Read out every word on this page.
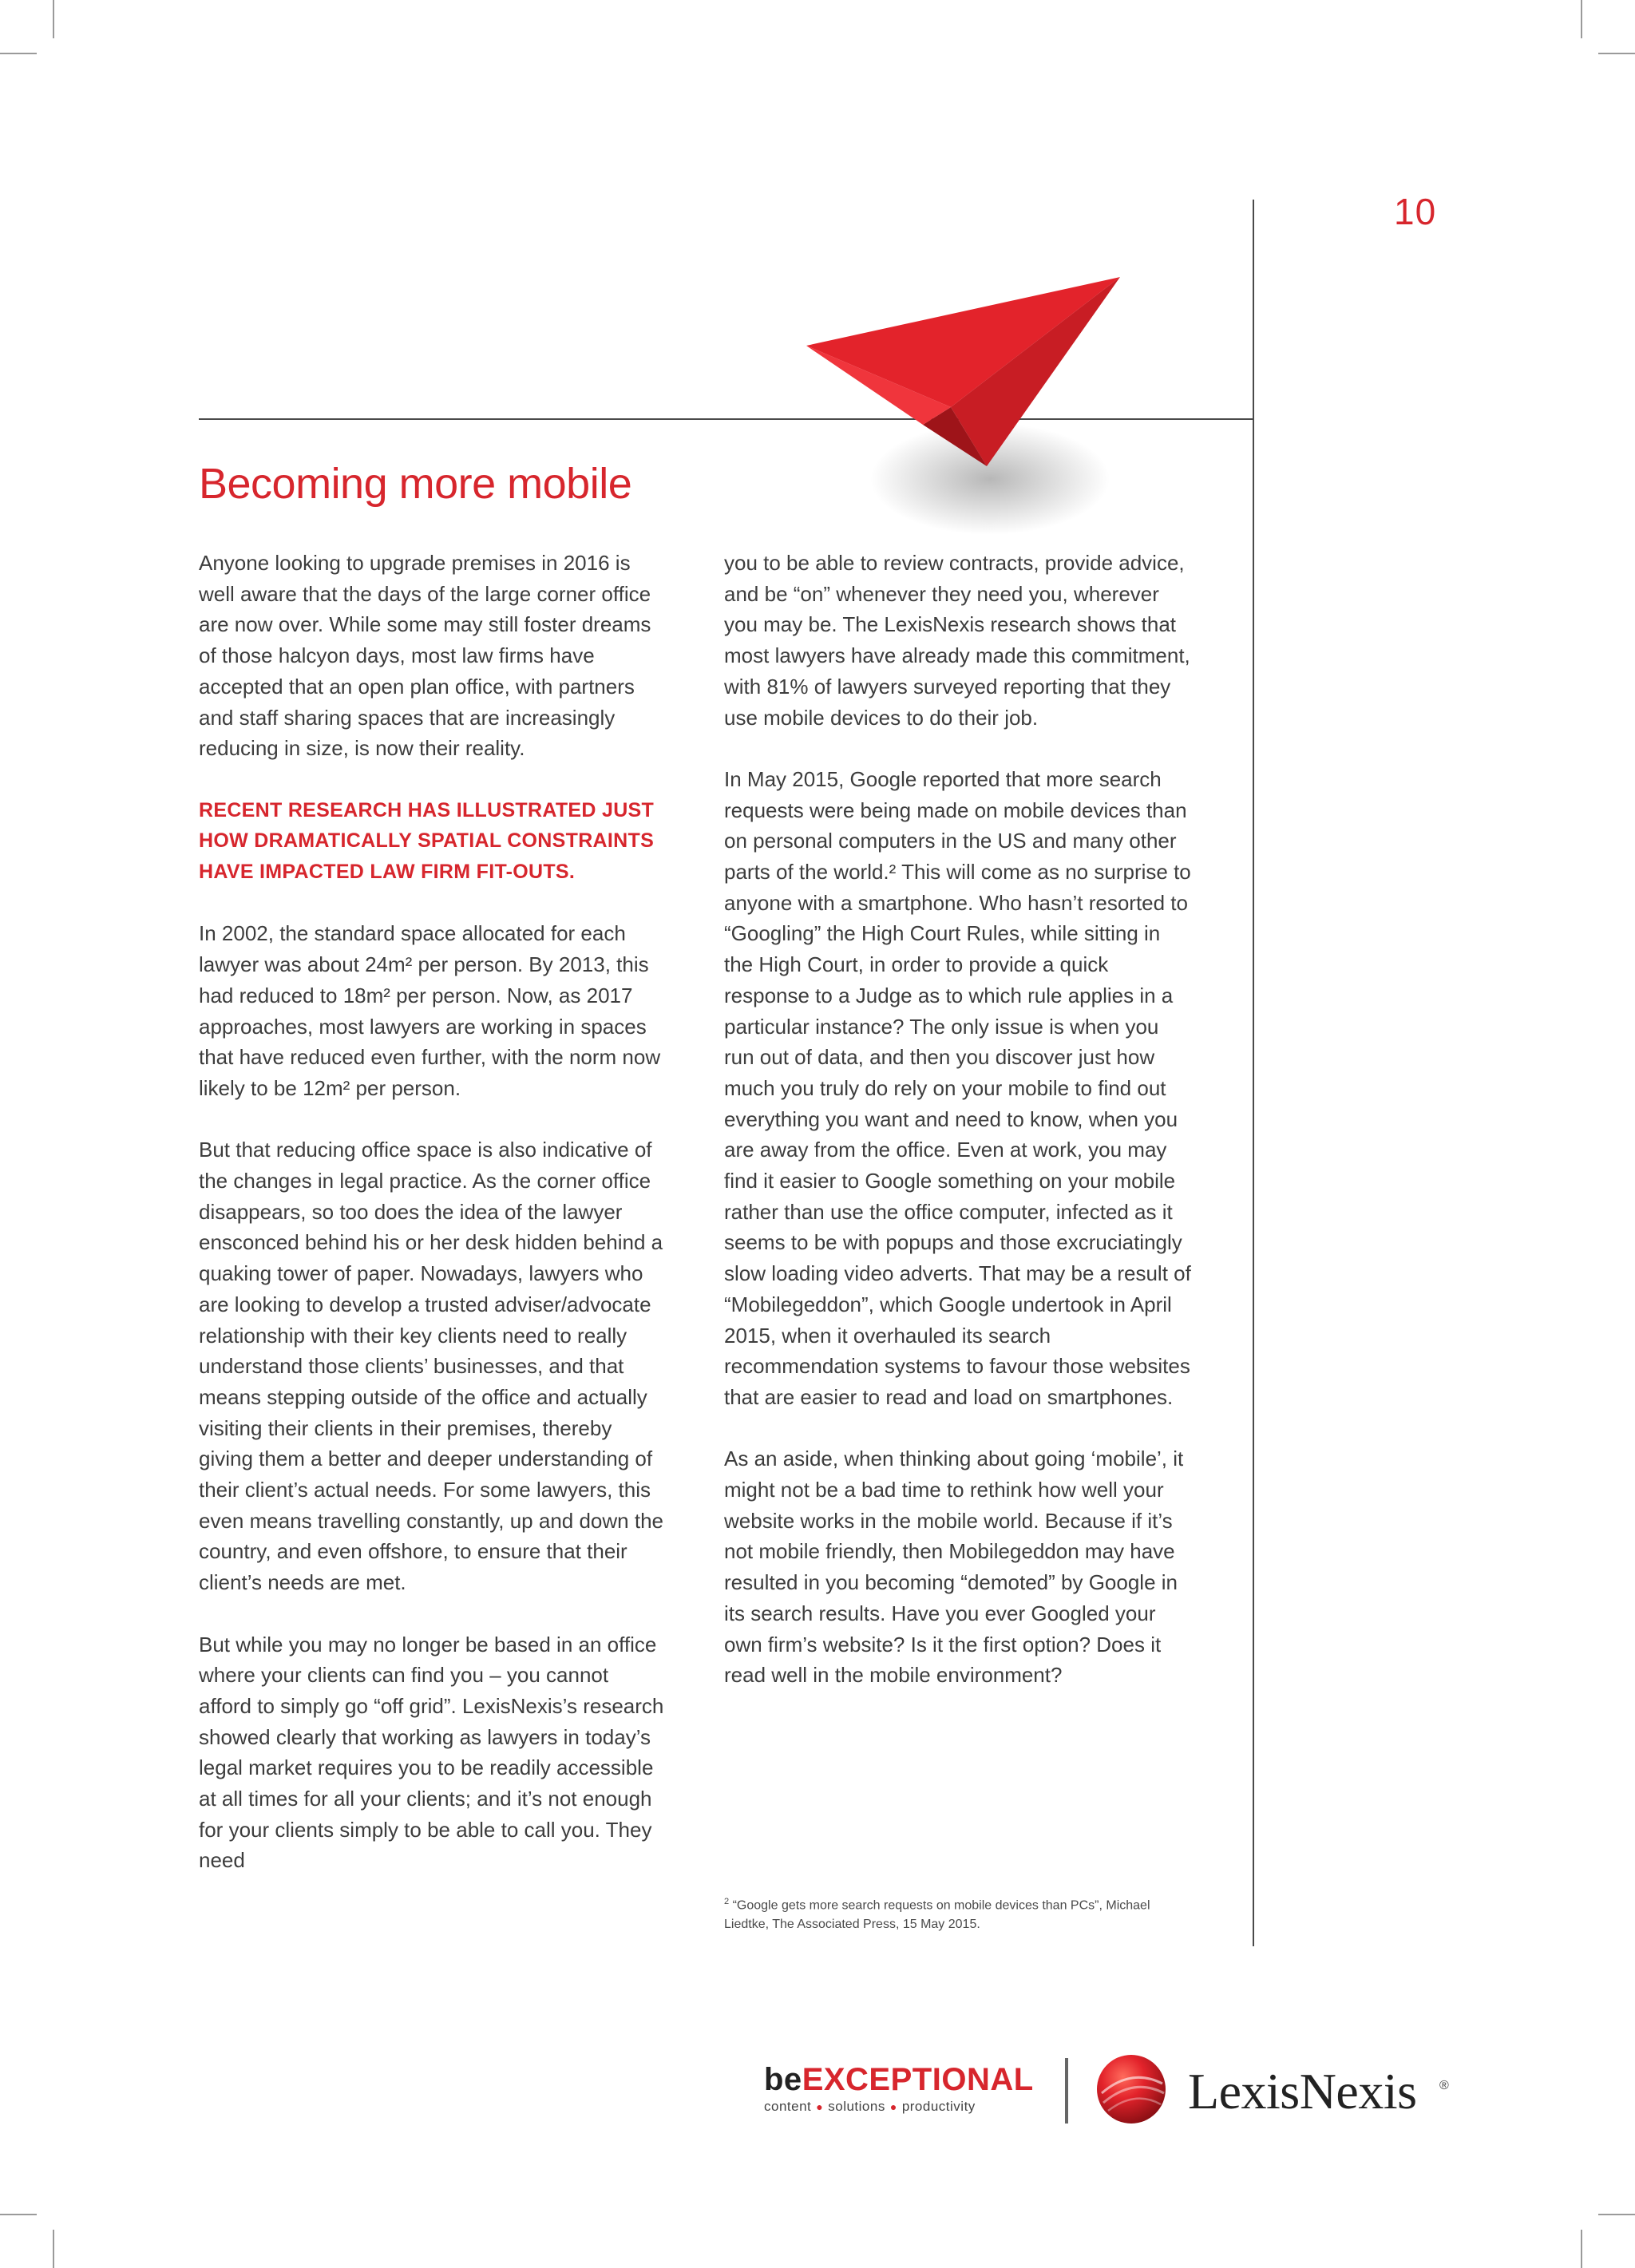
10
Becoming more mobile

Anyone looking to upgrade premises in 2016 is well aware that the days of the large corner office are now over. While some may still foster dreams of those halcyon days, most law firms have accepted that an open plan office, with partners and staff sharing spaces that are increasingly reducing in size, is now their reality.

RECENT RESEARCH HAS ILLUSTRATED JUST HOW DRAMATICALLY SPATIAL CONSTRAINTS HAVE IMPACTED LAW FIRM FIT-OUTS.

In 2002, the standard space allocated for each lawyer was about 24m² per person. By 2013, this had reduced to 18m² per person. Now, as 2017 approaches, most lawyers are working in spaces that have reduced even further, with the norm now likely to be 12m² per person.

But that reducing office space is also indicative of the changes in legal practice. As the corner office disappears, so too does the idea of the lawyer ensconced behind his or her desk hidden behind a quaking tower of paper. Nowadays, lawyers who are looking to develop a trusted adviser/advocate relationship with their key clients need to really understand those clients’ businesses, and that means stepping outside of the office and actually visiting their clients in their premises, thereby giving them a better and deeper understanding of their client’s actual needs. For some lawyers, this even means travelling constantly, up and down the country, and even offshore, to ensure that their client’s needs are met.

But while you may no longer be based in an office where your clients can find you – you cannot afford to simply go “off grid”. LexisNexis’s research showed clearly that working as lawyers in today’s legal market requires you to be readily accessible at all times for all your clients; and it’s not enough for your clients simply to be able to call you. They need

you to be able to review contracts, provide advice, and be “on” whenever they need you, wherever you may be. The LexisNexis research shows that most lawyers have already made this commitment, with 81% of lawyers surveyed reporting that they use mobile devices to do their job.

In May 2015, Google reported that more search requests were being made on mobile devices than on personal computers in the US and many other parts of the world.² This will come as no surprise to anyone with a smartphone. Who hasn’t resorted to “Googling” the High Court Rules, while sitting in the High Court, in order to provide a quick response to a Judge as to which rule applies in a particular instance? The only issue is when you run out of data, and then you discover just how much you truly do rely on your mobile to find out everything you want and need to know, when you are away from the office. Even at work, you may find it easier to Google something on your mobile rather than use the office computer, infected as it seems to be with popups and those excruciatingly slow loading video adverts. That may be a result of “Mobilegeddon”, which Google undertook in April 2015, when it overhauled its search recommendation systems to favour those websites that are easier to read and load on smartphones.

As an aside, when thinking about going ‘mobile’, it might not be a bad time to rethink how well your website works in the mobile world. Because if it’s not mobile friendly, then Mobilegeddon may have resulted in you becoming “demoted” by Google in its search results. Have you ever Googled your own firm’s website? Is it the first option? Does it read well in the mobile environment?

$^2$ “Google gets more search requests on mobile devices than PCs”, Michael Liedtke, The Associated Press, 15 May 2015.
beEXCEPTIONAL
content ● solutions ● productivity	LexisNexis ®
